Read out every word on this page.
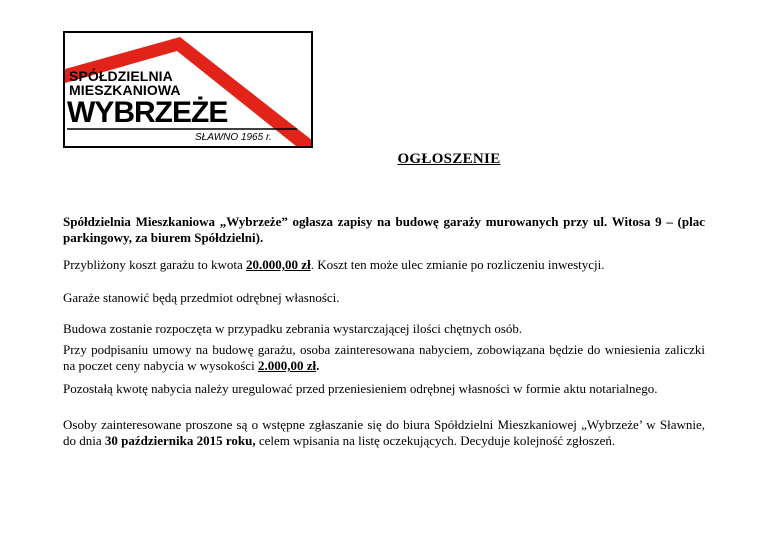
SPÓŁDZIELNIA
MIESZKANIOWA
WYBRZEŻE
SŁAWNO 1965 r.
OGŁOSZENIE

Spółdzielnia Mieszkaniowa „Wybrzeże” ogłasza zapisy na budowę garaży murowanych przy ul. Witosa 9 – (plac parkingowy, za biurem Spółdzielni).

Przybliżony koszt garażu to kwota 20.000,00 zł. Koszt ten może ulec zmianie po rozliczeniu inwestycji.

Garaże stanowić będą przedmiot odrębnej własności.

Budowa zostanie rozpoczęta w przypadku zebrania wystarczającej ilości chętnych osób.

Przy podpisaniu umowy na budowę garażu, osoba zainteresowana nabyciem, zobowiązana będzie do wniesienia zaliczki na poczet ceny nabycia w wysokości 2.000,00 zł.

Pozostałą kwotę nabycia należy uregulować przed przeniesieniem odrębnej własności w formie aktu notarialnego.

Osoby zainteresowane proszone są o wstępne zgłaszanie się do biura Spółdzielni Mieszkaniowej „Wybrzeże’ w Sławnie, do dnia 30 października 2015 roku, celem wpisania na listę oczekujących. Decyduje kolejność zgłoszeń.
